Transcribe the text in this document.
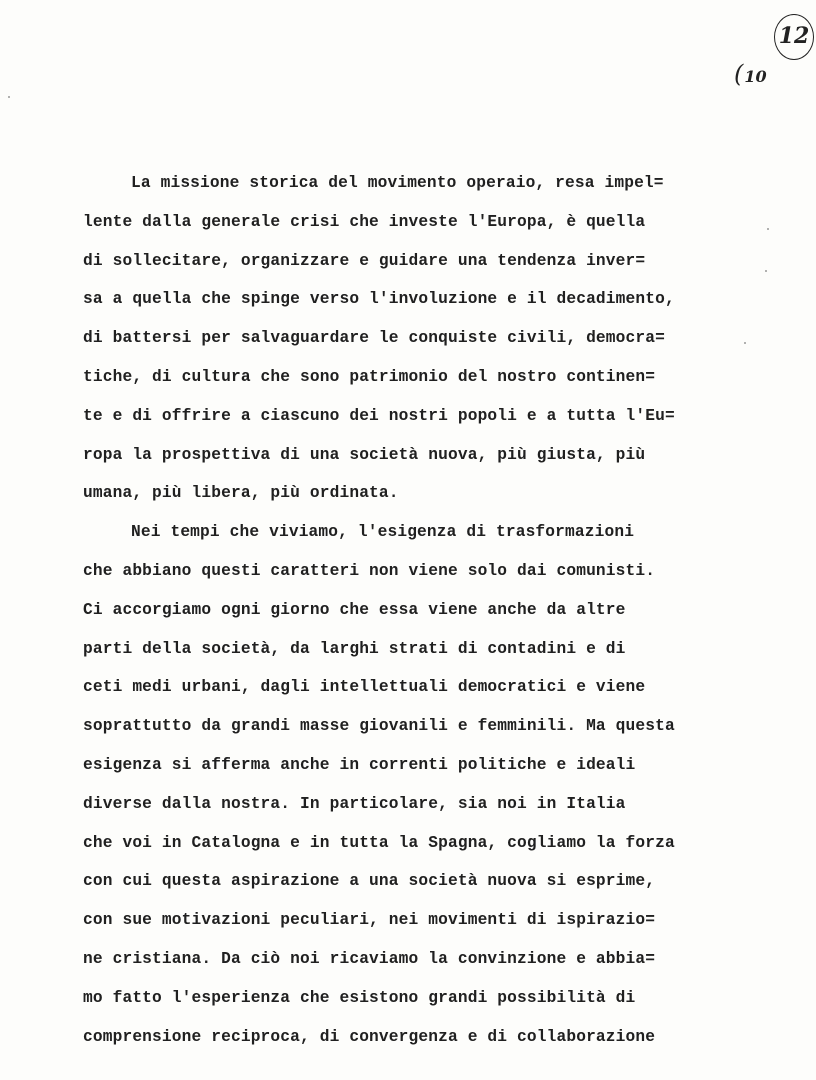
12
( 10
La missione storica del movimento operaio, resa impel=
lente dalla generale crisi che investe l'Europa, è quella
di sollecitare, organizzare e guidare una tendenza inver=
sa a quella che spinge verso l'involuzione e il decadimento,
di battersi per salvaguardare le conquiste civili, democra=
tiche, di cultura che sono patrimonio del nostro continen=
te e di offrire a ciascuno dei nostri popoli e a tutta l'Eu=
ropa la prospettiva di una società nuova, più giusta, più
umana, più libera, più ordinata.
Nei tempi che viviamo, l'esigenza di trasformazioni
che abbiano questi caratteri non viene solo dai comunisti.
Ci accorgiamo ogni giorno che essa viene anche da altre
parti della società, da larghi strati di contadini e di
ceti medi urbani, dagli intellettuali democratici e viene
soprattutto da grandi masse giovanili e femminili. Ma questa
esigenza si afferma anche in correnti politiche e ideali
diverse dalla nostra. In particolare, sia noi in Italia
che voi in Catalogna e in tutta la Spagna, cogliamo la forza
con cui questa aspirazione a una società nuova si esprime,
con sue motivazioni peculiari, nei movimenti di ispirazio=
ne cristiana. Da ciò noi ricaviamo la convinzione e abbia=
mo fatto l'esperienza che esistono grandi possibilità di
comprensione reciproca, di convergenza e di collaborazione
